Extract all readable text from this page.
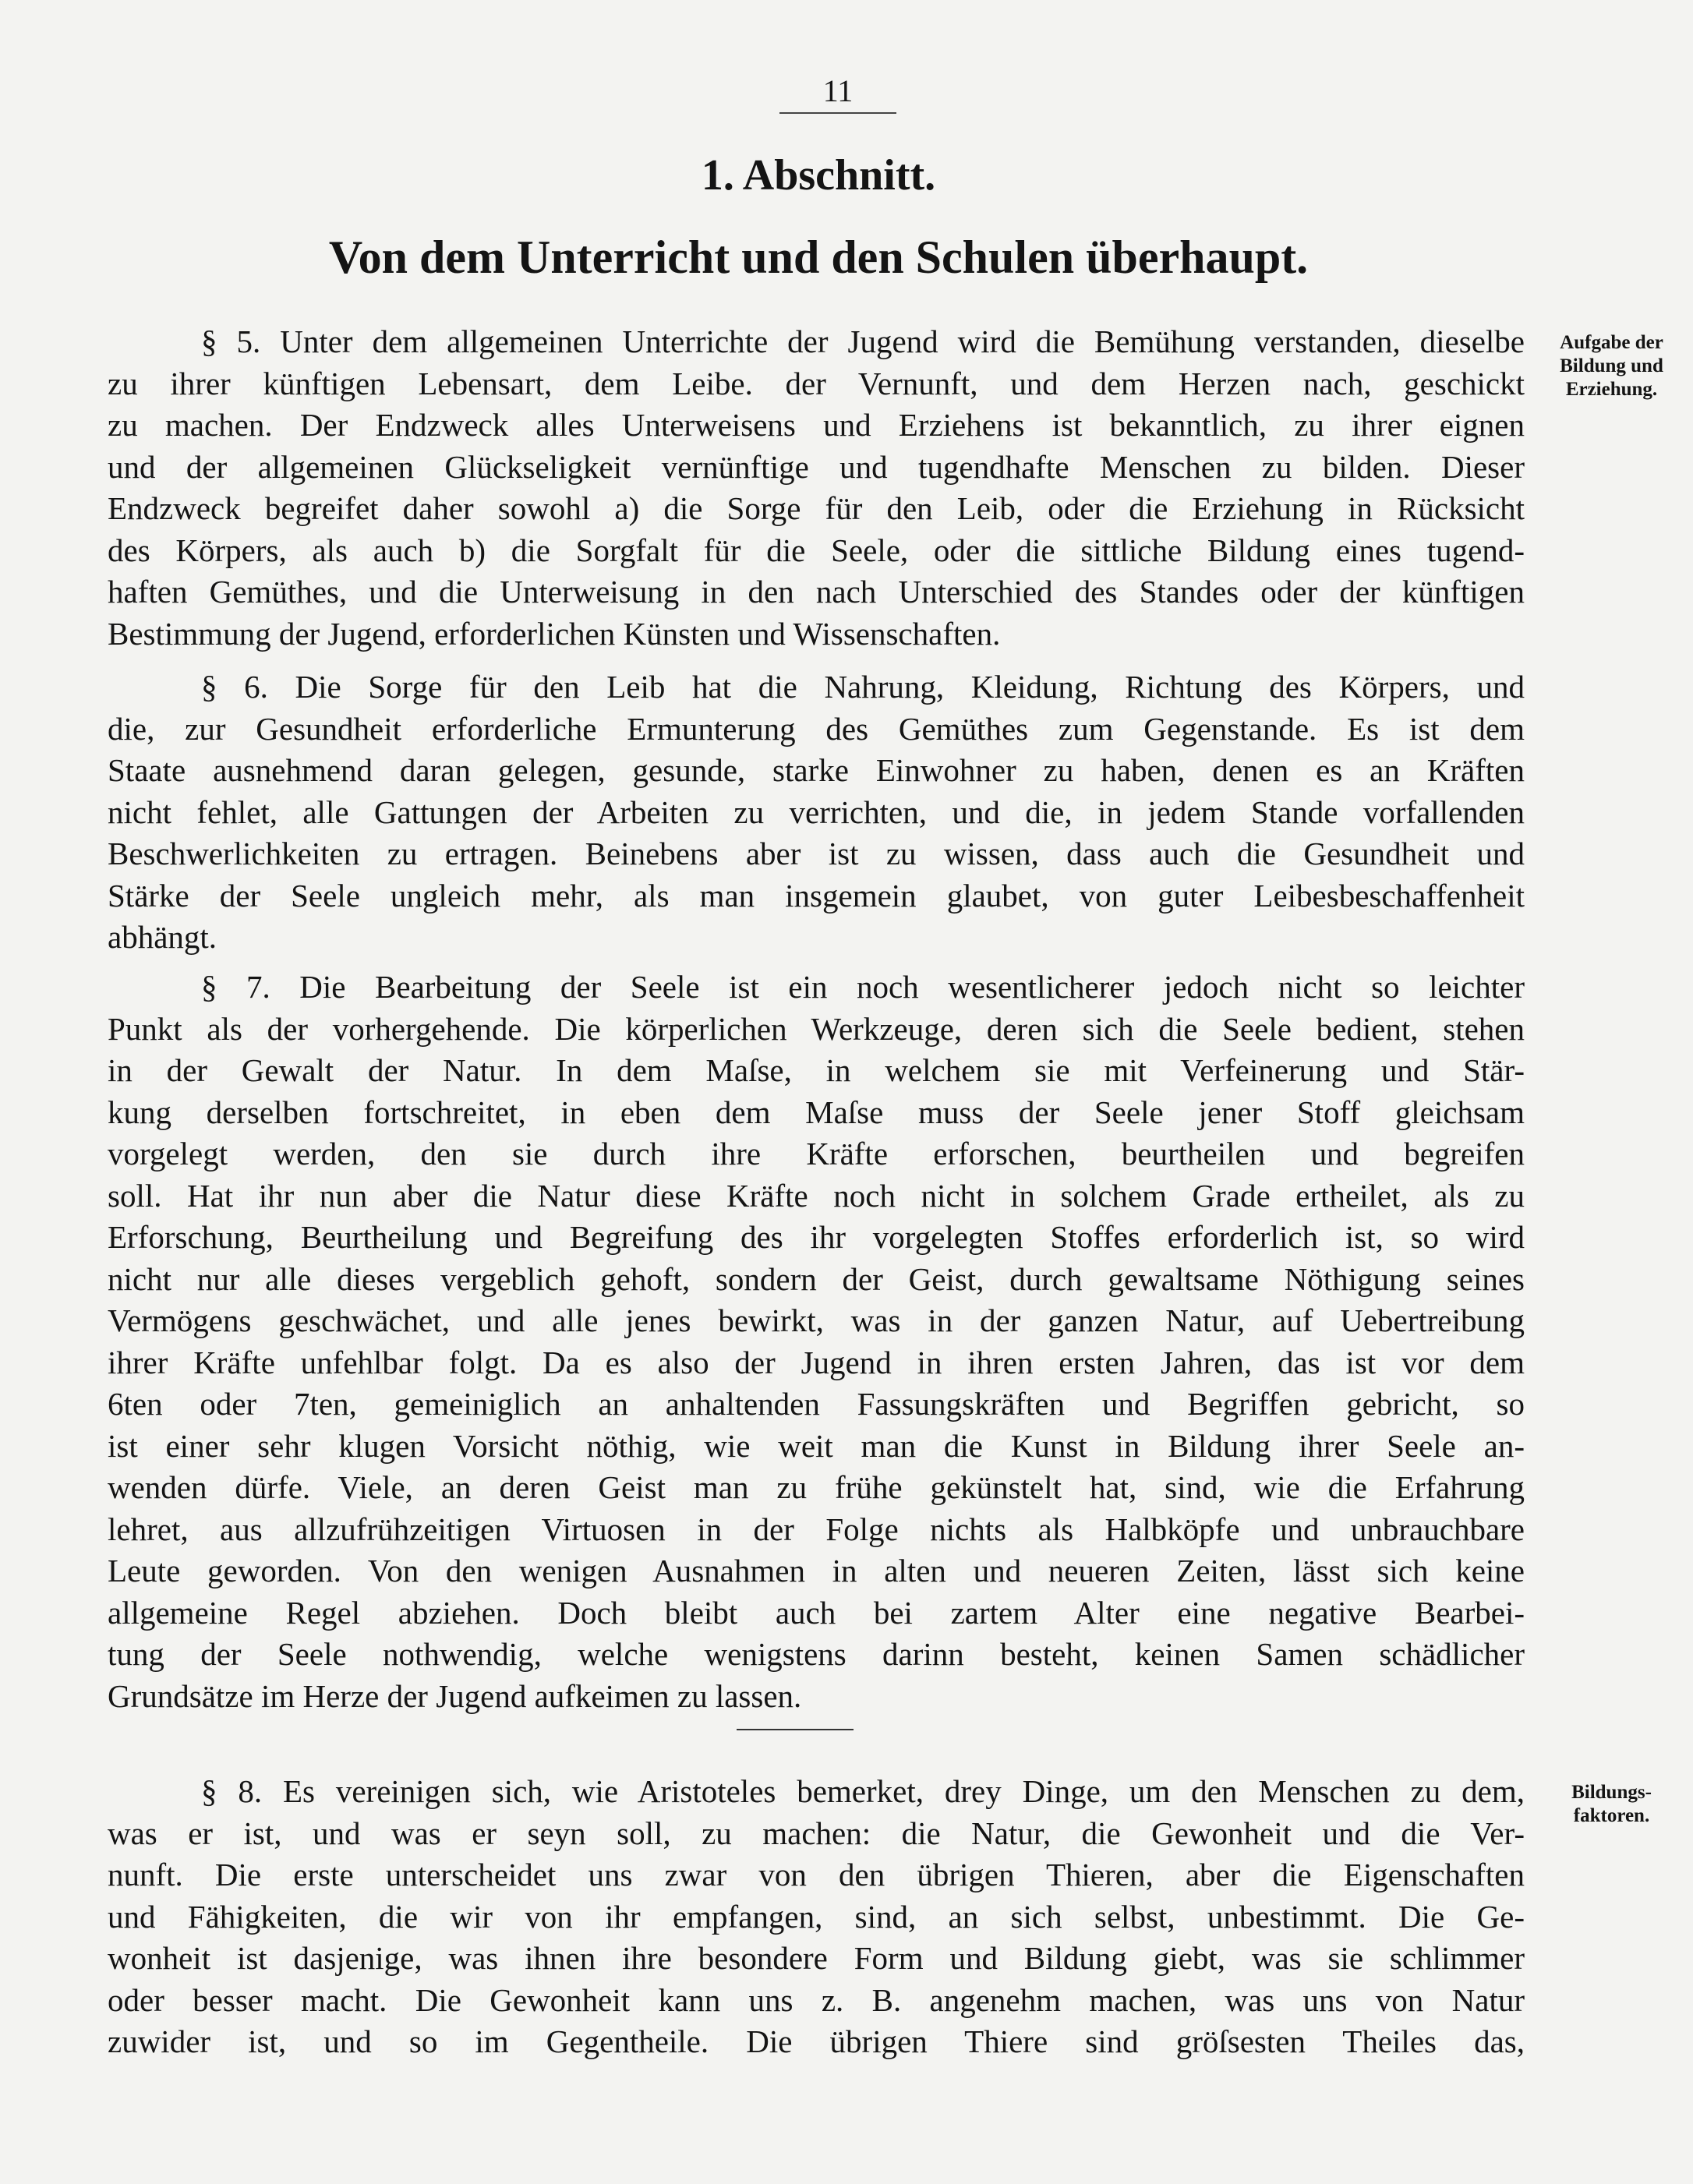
11
1. Abschnitt.
Von dem Unterricht und den Schulen überhaupt.
Aufgabe der
Bildung und
Erziehung.
Bildungs-
faktoren.
§ 5. Unter dem allgemeinen Unterrichte der Jugend wird die Bemühung verstanden, dieselbe
zu ihrer künftigen Lebensart, dem Leibe. der Vernunft, und dem Herzen nach, geschickt
zu machen. Der Endzweck alles Unterweisens und Erziehens ist bekanntlich, zu ihrer eignen
und der allgemeinen Glückseligkeit vernünftige und tugendhafte Menschen zu bilden. Dieser
Endzweck begreifet daher sowohl a) die Sorge für den Leib, oder die Erziehung in Rücksicht
des Körpers, als auch b) die Sorgfalt für die Seele, oder die sittliche Bildung eines tugend-
haften Gemüthes, und die Unterweisung in den nach Unterschied des Standes oder der künftigen
Bestimmung der Jugend, erforderlichen Künsten und Wissenschaften.
§ 6. Die Sorge für den Leib hat die Nahrung, Kleidung, Richtung des Körpers, und
die, zur Gesundheit erforderliche Ermunterung des Gemüthes zum Gegenstande. Es ist dem
Staate ausnehmend daran gelegen, gesunde, starke Einwohner zu haben, denen es an Kräften
nicht fehlet, alle Gattungen der Arbeiten zu verrichten, und die, in jedem Stande vorfallenden
Beschwerlichkeiten zu ertragen. Beinebens aber ist zu wissen, dass auch die Gesundheit und
Stärke der Seele ungleich mehr, als man insgemein glaubet, von guter Leibesbeschaffenheit
abhängt.
§ 7. Die Bearbeitung der Seele ist ein noch wesentlicherer jedoch nicht so leichter
Punkt als der vorhergehende. Die körperlichen Werkzeuge, deren sich die Seele bedient, stehen
in der Gewalt der Natur. In dem Maſse, in welchem sie mit Verfeinerung und Stär-
kung derselben fortschreitet, in eben dem Maſse muss der Seele jener Stoff gleichsam
vorgelegt werden, den sie durch ihre Kräfte erforschen, beurtheilen und begreifen
soll. Hat ihr nun aber die Natur diese Kräfte noch nicht in solchem Grade ertheilet, als zu
Erforschung, Beurtheilung und Begreifung des ihr vorgelegten Stoffes erforderlich ist, so wird
nicht nur alle dieses vergeblich gehoft, sondern der Geist, durch gewaltsame Nöthigung seines
Vermögens geschwächet, und alle jenes bewirkt, was in der ganzen Natur, auf Uebertreibung
ihrer Kräfte unfehlbar folgt. Da es also der Jugend in ihren ersten Jahren, das ist vor dem
6ten oder 7ten, gemeiniglich an anhaltenden Fassungskräften und Begriffen gebricht, so
ist einer sehr klugen Vorsicht nöthig, wie weit man die Kunst in Bildung ihrer Seele an-
wenden dürfe. Viele, an deren Geist man zu frühe gekünstelt hat, sind, wie die Erfahrung
lehret, aus allzufrühzeitigen Virtuosen in der Folge nichts als Halbköpfe und unbrauchbare
Leute geworden. Von den wenigen Ausnahmen in alten und neueren Zeiten, lässt sich keine
allgemeine Regel abziehen. Doch bleibt auch bei zartem Alter eine negative Bearbei-
tung der Seele nothwendig, welche wenigstens darinn besteht, keinen Samen schädlicher
Grundsätze im Herze der Jugend aufkeimen zu lassen.
§ 8. Es vereinigen sich, wie Aristoteles bemerket, drey Dinge, um den Menschen zu dem,
was er ist, und was er seyn soll, zu machen: die Natur, die Gewonheit und die Ver-
nunft. Die erste unterscheidet uns zwar von den übrigen Thieren, aber die Eigenschaften
und Fähigkeiten, die wir von ihr empfangen, sind, an sich selbst, unbestimmt. Die Ge-
wonheit ist dasjenige, was ihnen ihre besondere Form und Bildung giebt, was sie schlimmer
oder besser macht. Die Gewonheit kann uns z. B. angenehm machen, was uns von Natur
zuwider ist, und so im Gegentheile. Die übrigen Thiere sind gröſsesten Theiles das,
